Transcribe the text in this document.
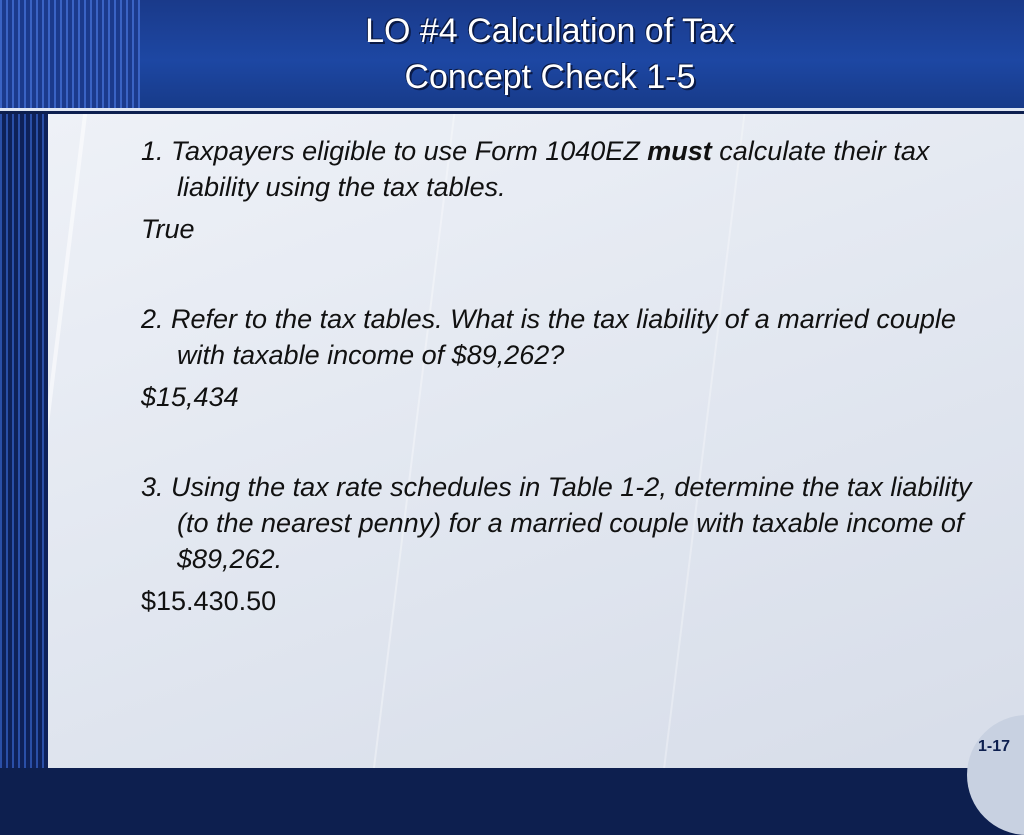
LO #4 Calculation of Tax
Concept Check 1-5

1. Taxpayers eligible to use Form 1040EZ must calculate their tax liability using the tax tables.

True

2. Refer to the tax tables. What is the tax liability of a married couple with taxable income of $89,262?

$15,434

3. Using the tax rate schedules in Table 1-2, determine the tax liability (to the nearest penny) for a married couple with taxable income of $89,262.

$15.430.50

1-17
